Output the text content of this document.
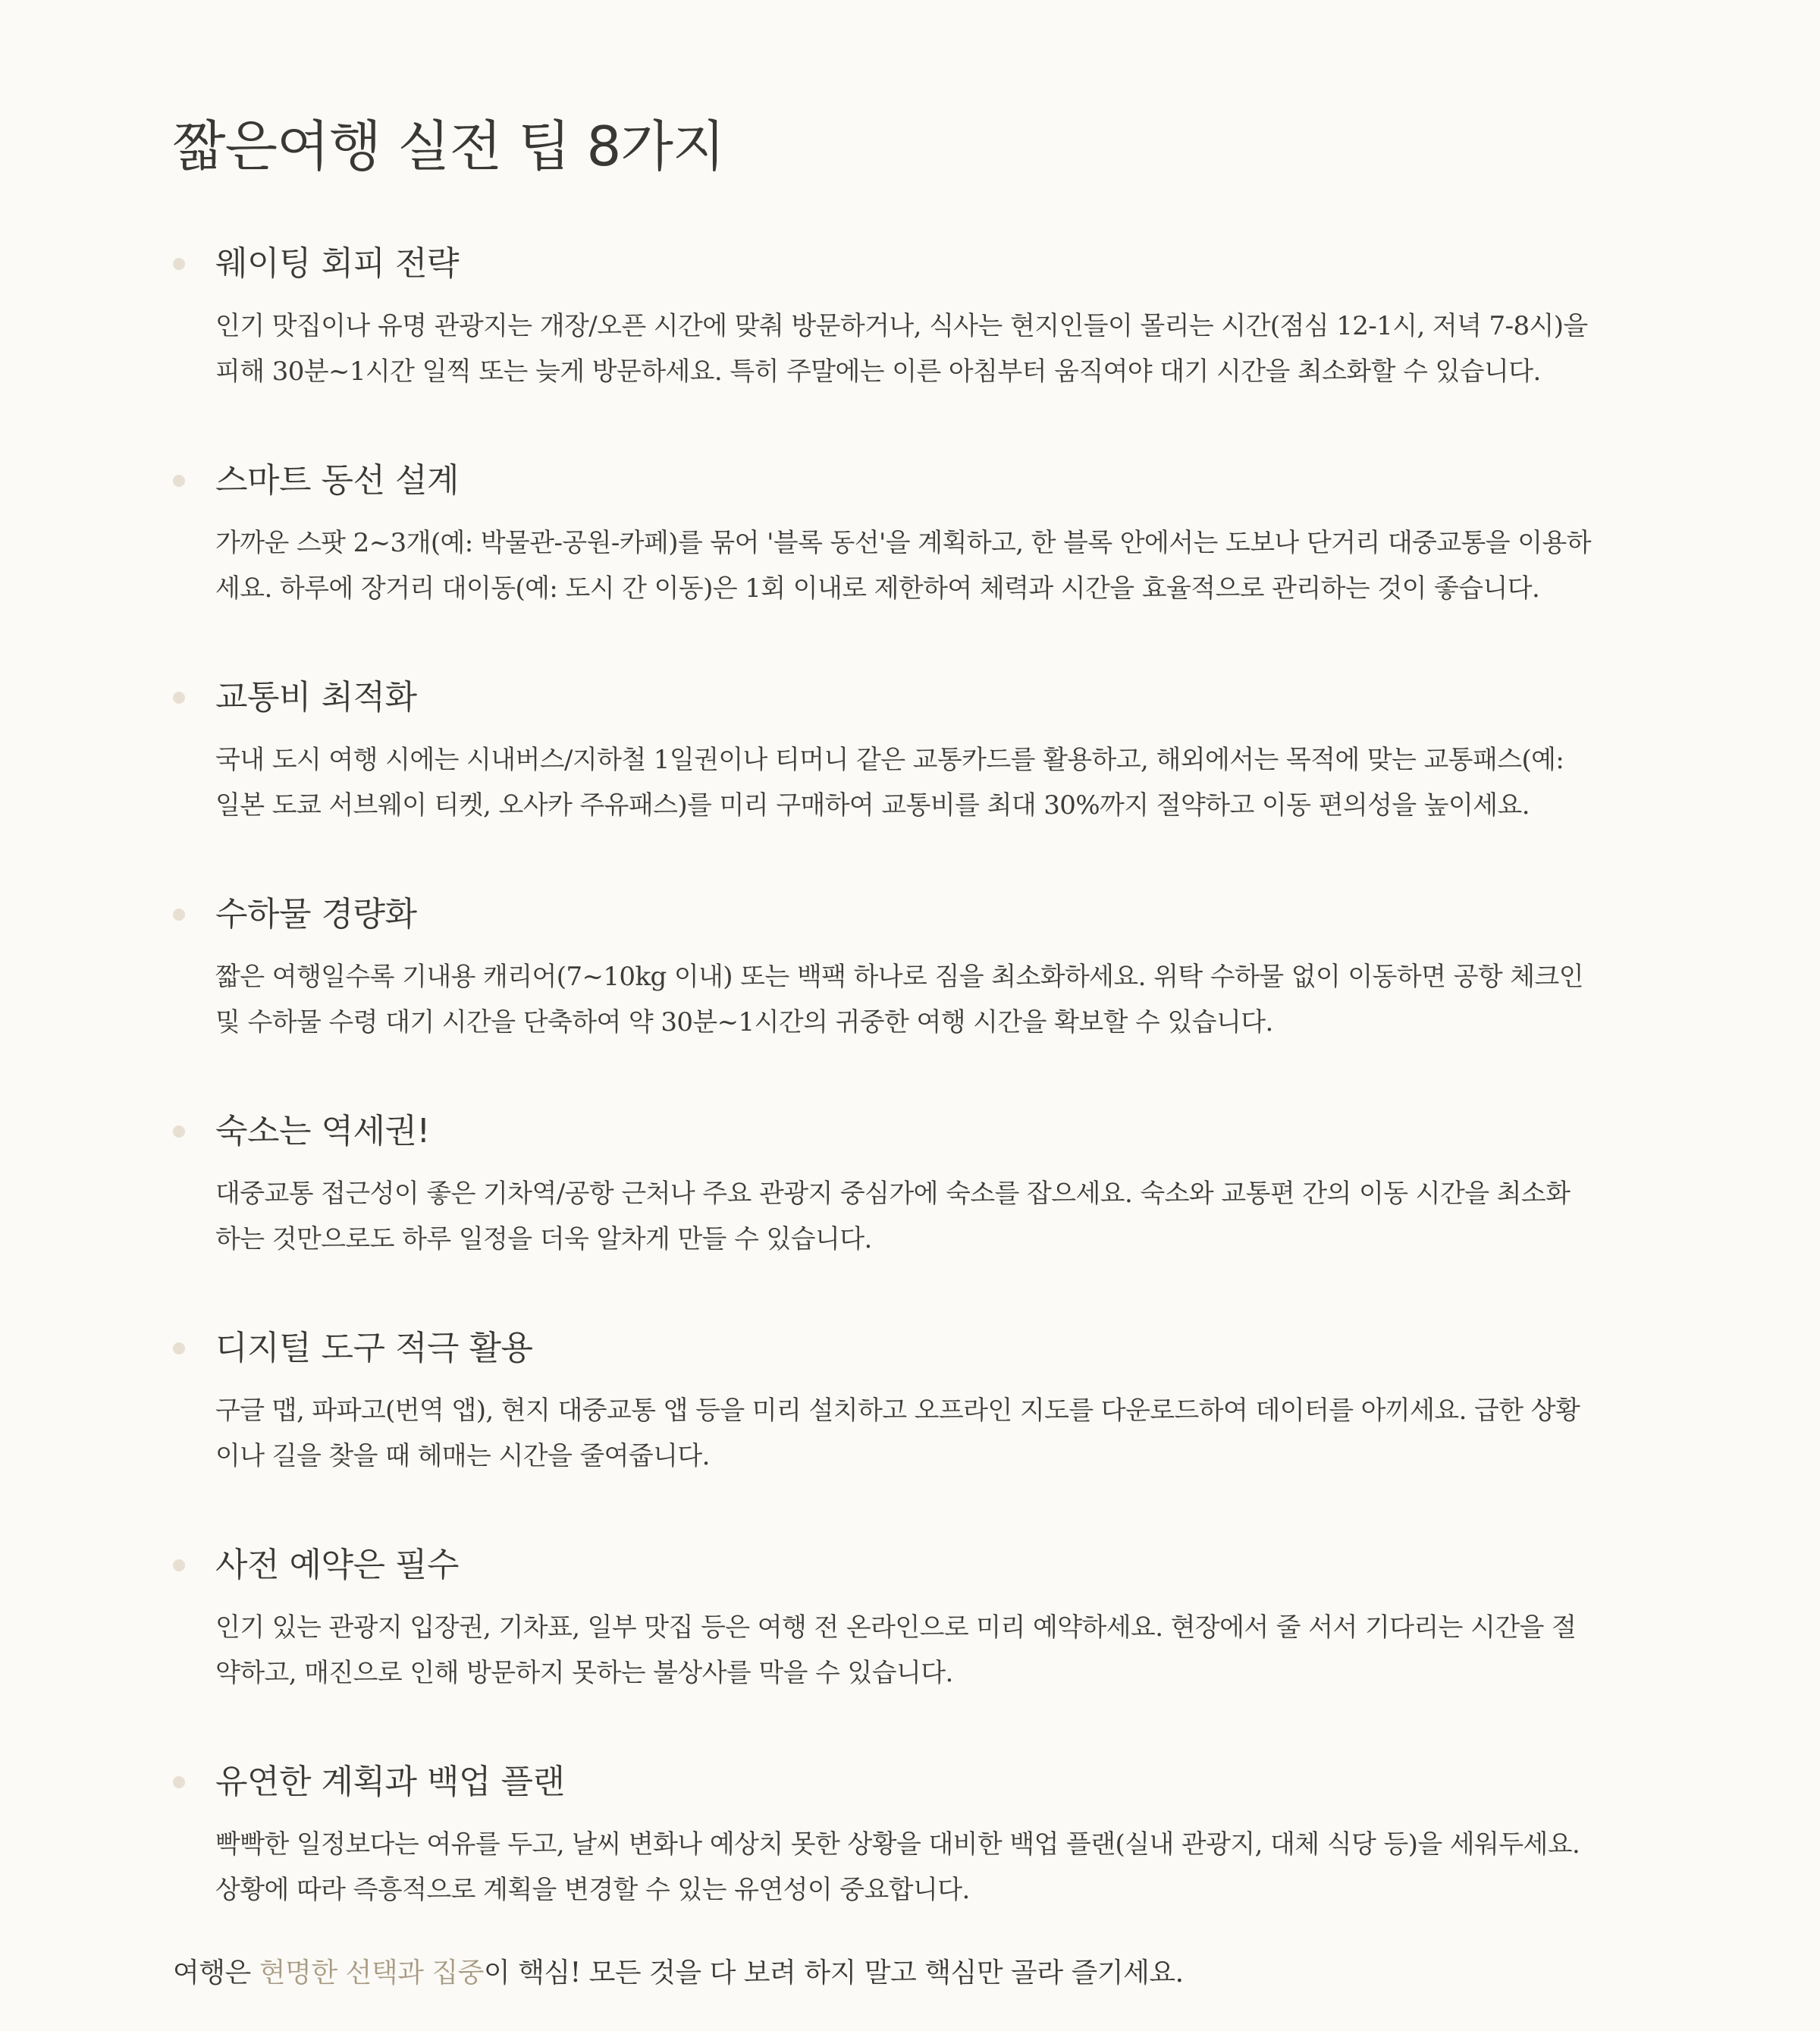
짧은여행 실전 팁 8가지
웨이팅 회피 전략

인기 맛집이나 유명 관광지는 개장/오픈 시간에 맞춰 방문하거나, 식사는 현지인들이 몰리는 시간(점심 12-1시, 저녁 7-8시)을
피해 30분~1시간 일찍 또는 늦게 방문하세요. 특히 주말에는 이른 아침부터 움직여야 대기 시간을 최소화할 수 있습니다.

스마트 동선 설계

가까운 스팟 2~3개(예: 박물관-공원-카페)를 묶어 '블록 동선'을 계획하고, 한 블록 안에서는 도보나 단거리 대중교통을 이용하
세요. 하루에 장거리 대이동(예: 도시 간 이동)은 1회 이내로 제한하여 체력과 시간을 효율적으로 관리하는 것이 좋습니다.

교통비 최적화

국내 도시 여행 시에는 시내버스/지하철 1일권이나 티머니 같은 교통카드를 활용하고, 해외에서는 목적에 맞는 교통패스(예:
일본 도쿄 서브웨이 티켓, 오사카 주유패스)를 미리 구매하여 교통비를 최대 30%까지 절약하고 이동 편의성을 높이세요.

수하물 경량화

짧은 여행일수록 기내용 캐리어(7~10kg 이내) 또는 백팩 하나로 짐을 최소화하세요. 위탁 수하물 없이 이동하면 공항 체크인
및 수하물 수령 대기 시간을 단축하여 약 30분~1시간의 귀중한 여행 시간을 확보할 수 있습니다.

숙소는 역세권!

대중교통 접근성이 좋은 기차역/공항 근처나 주요 관광지 중심가에 숙소를 잡으세요. 숙소와 교통편 간의 이동 시간을 최소화
하는 것만으로도 하루 일정을 더욱 알차게 만들 수 있습니다.

디지털 도구 적극 활용

구글 맵, 파파고(번역 앱), 현지 대중교통 앱 등을 미리 설치하고 오프라인 지도를 다운로드하여 데이터를 아끼세요. 급한 상황
이나 길을 찾을 때 헤매는 시간을 줄여줍니다.

사전 예약은 필수

인기 있는 관광지 입장권, 기차표, 일부 맛집 등은 여행 전 온라인으로 미리 예약하세요. 현장에서 줄 서서 기다리는 시간을 절
약하고, 매진으로 인해 방문하지 못하는 불상사를 막을 수 있습니다.

유연한 계획과 백업 플랜

빡빡한 일정보다는 여유를 두고, 날씨 변화나 예상치 못한 상황을 대비한 백업 플랜(실내 관광지, 대체 식당 등)을 세워두세요.
상황에 따라 즉흥적으로 계획을 변경할 수 있는 유연성이 중요합니다.

여행은 현명한 선택과 집중이 핵심! 모든 것을 다 보려 하지 말고 핵심만 골라 즐기세요.
